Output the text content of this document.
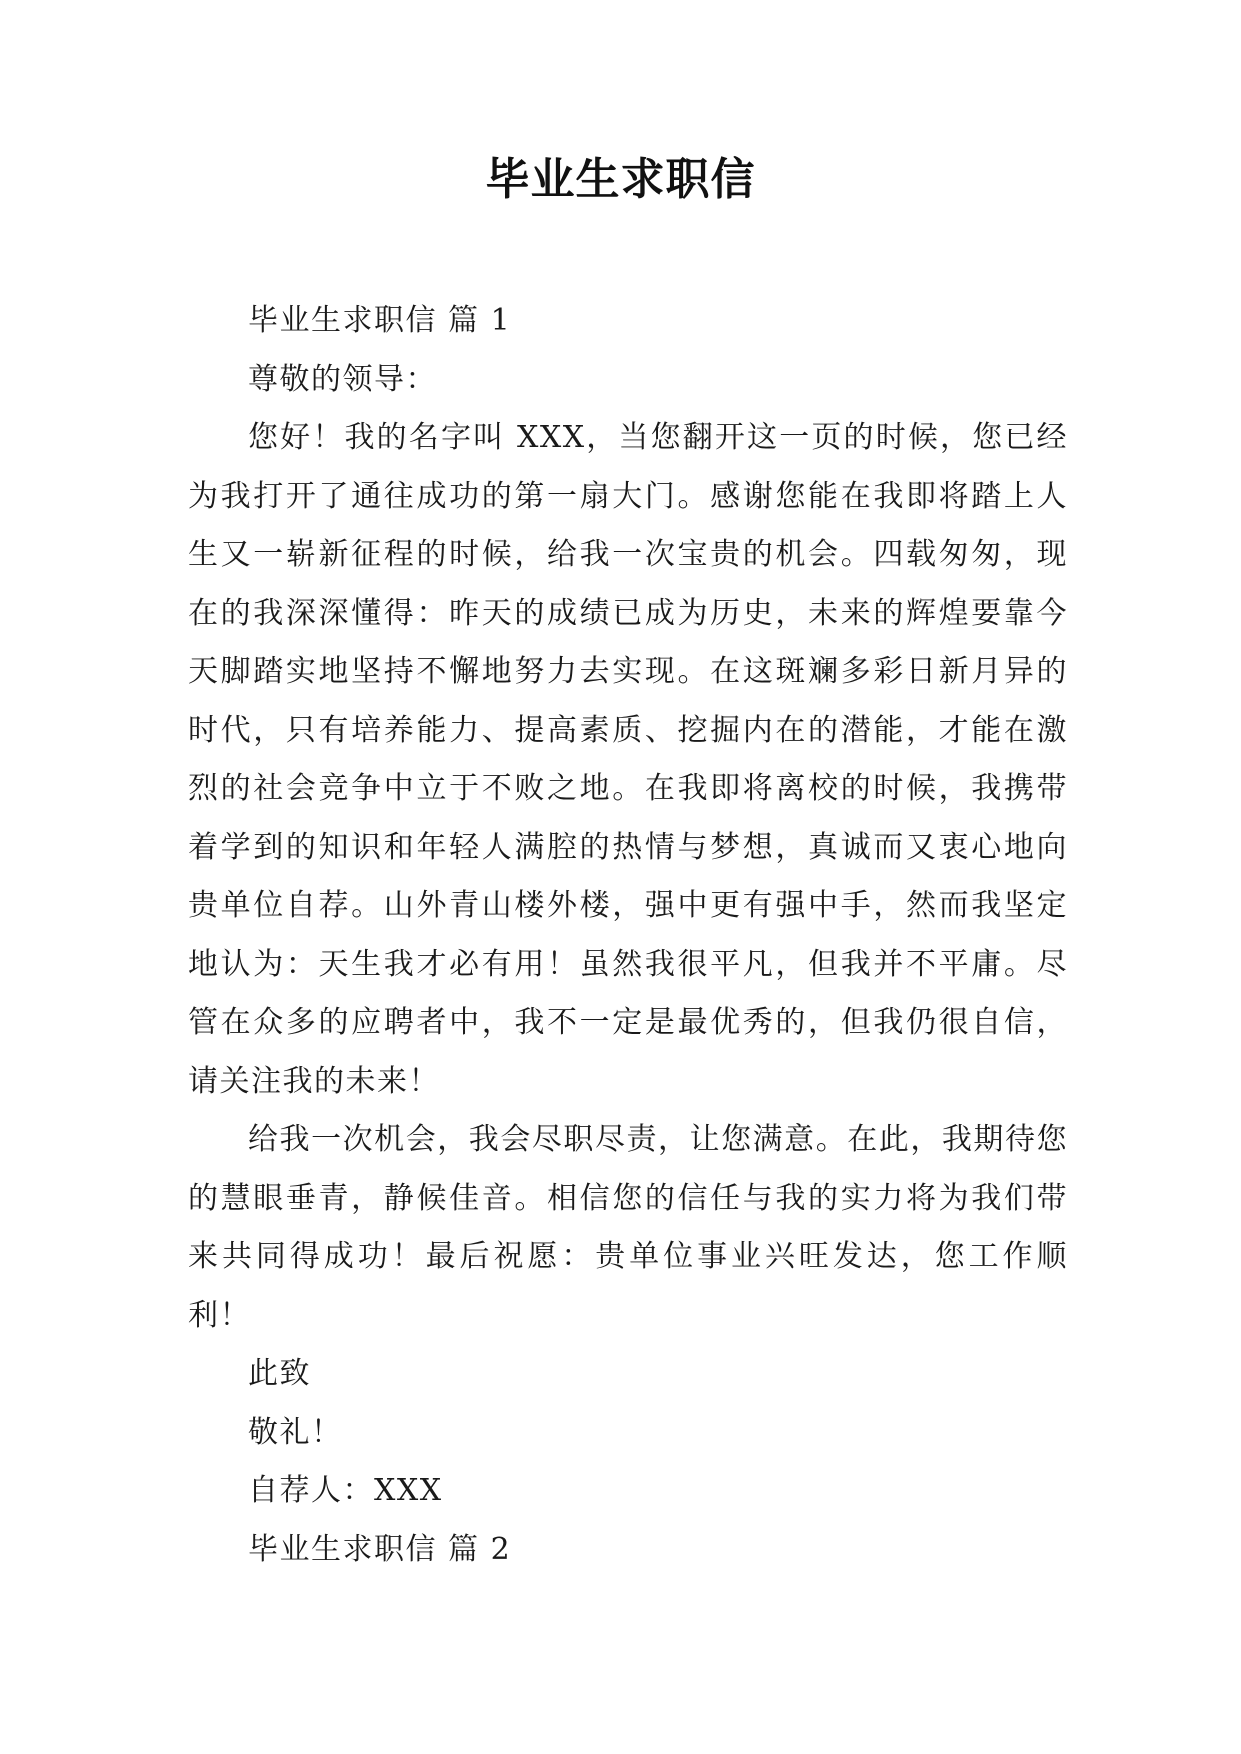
毕业生求职信

毕业生求职信 篇 1

尊敬的领导：

您好！我的名字叫 XXX，当您翻开这一页的时候，您已经为我打开了通往成功的第一扇大门。感谢您能在我即将踏上人生又一崭新征程的时候，给我一次宝贵的机会。四载匆匆，现在的我深深懂得：昨天的成绩已成为历史，未来的辉煌要靠今天脚踏实地坚持不懈地努力去实现。在这斑斓多彩日新月异的时代，只有培养能力、提高素质、挖掘内在的潜能，才能在激烈的社会竞争中立于不败之地。在我即将离校的时候，我携带着学到的知识和年轻人满腔的热情与梦想，真诚而又衷心地向贵单位自荐。山外青山楼外楼，强中更有强中手，然而我坚定地认为：天生我才必有用！虽然我很平凡，但我并不平庸。尽管在众多的应聘者中，我不一定是最优秀的，但我仍很自信，请关注我的未来！

给我一次机会，我会尽职尽责，让您满意。在此，我期待您的慧眼垂青，静候佳音。相信您的信任与我的实力将为我们带来共同得成功！最后祝愿：贵单位事业兴旺发达，您工作顺利！

此致

敬礼！

自荐人：XXX

毕业生求职信 篇 2
